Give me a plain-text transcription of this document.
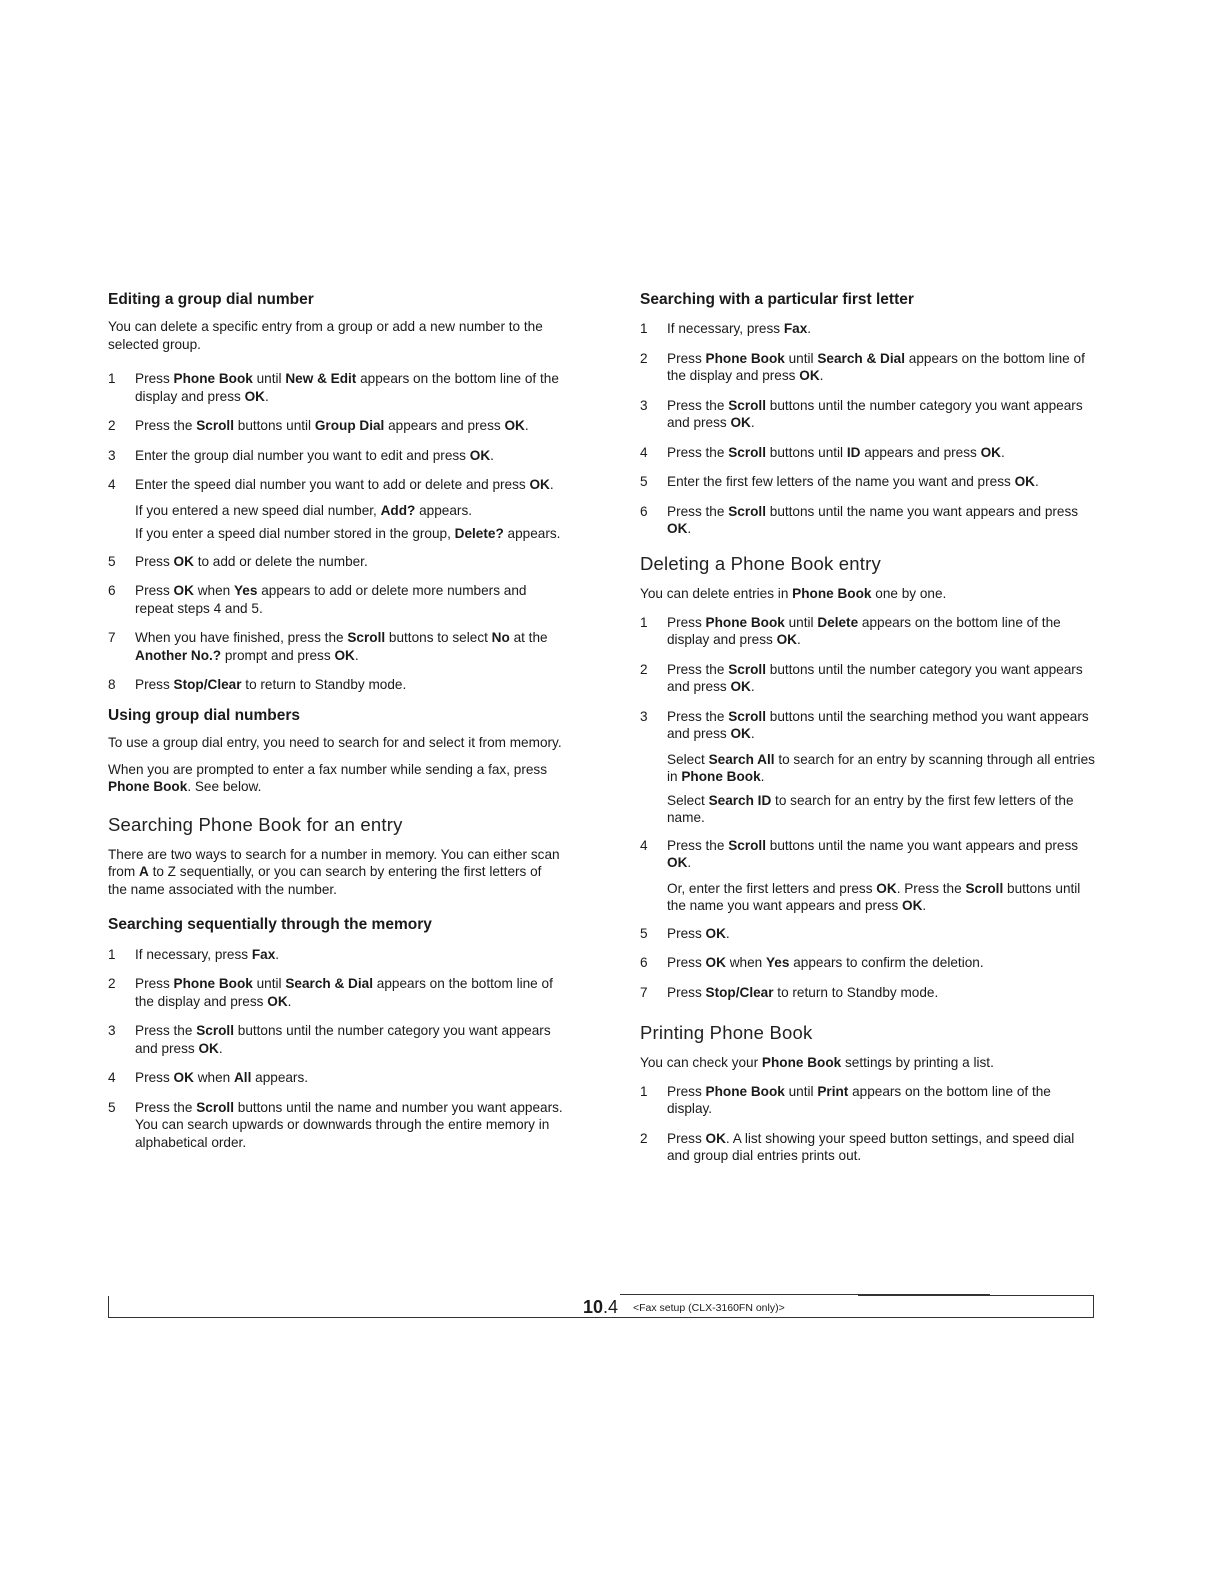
Editing a group dial number

You can delete a specific entry from a group or add a new number to the selected group.

1	Press Phone Book until New & Edit appears on the bottom line of the display and press OK.
2	Press the Scroll buttons until Group Dial appears and press OK.
3	Enter the group dial number you want to edit and press OK.
4	Enter the speed dial number you want to add or delete and press OK.

If you entered a new speed dial number, Add? appears.

If you enter a speed dial number stored in the group, Delete? appears.

5	Press OK to add or delete the number.
6	Press OK when Yes appears to add or delete more numbers and repeat steps 4 and 5.
7	When you have finished, press the Scroll buttons to select No at the Another No.? prompt and press OK.
8	Press Stop/Clear to return to Standby mode.
Using group dial numbers

To use a group dial entry, you need to search for and select it from memory.

When you are prompted to enter a fax number while sending a fax, press Phone Book. See below.

Searching Phone Book for an entry

There are two ways to search for a number in memory. You can either scan from A to Z sequentially, or you can search by entering the first letters of the name associated with the number.

Searching sequentially through the memory
1	If necessary, press Fax.
2	Press Phone Book until Search & Dial appears on the bottom line of the display and press OK.
3	Press the Scroll buttons until the number category you want appears and press OK.
4	Press OK when All appears.
5	Press the Scroll buttons until the name and number you want appears. You can search upwards or downwards through the entire memory in alphabetical order.
Searching with a particular first letter
1	If necessary, press Fax.
2	Press Phone Book until Search & Dial appears on the bottom line of the display and press OK.
3	Press the Scroll buttons until the number category you want appears and press OK.
4	Press the Scroll buttons until ID appears and press OK.
5	Enter the first few letters of the name you want and press OK.
6	Press the Scroll buttons until the name you want appears and press OK.
Deleting a Phone Book entry

You can delete entries in Phone Book one by one.

1	Press Phone Book until Delete appears on the bottom line of the display and press OK.
2	Press the Scroll buttons until the number category you want appears and press OK.
3	Press the Scroll buttons until the searching method you want appears and press OK.

Select Search All to search for an entry by scanning through all entries in Phone Book.

Select Search ID to search for an entry by the first few letters of the name.

4	Press the Scroll buttons until the name you want appears and press OK.

Or, enter the first letters and press OK. Press the Scroll buttons until the name you want appears and press OK.

5	Press OK.
6	Press OK when Yes appears to confirm the deletion.
7	Press Stop/Clear to return to Standby mode.
Printing Phone Book

You can check your Phone Book settings by printing a list.

1	Press Phone Book until Print appears on the bottom line of the display.
2	Press OK. A list showing your speed button settings, and speed dial and group dial entries prints out.
10.4 <Fax setup (CLX-3160FN only)>
